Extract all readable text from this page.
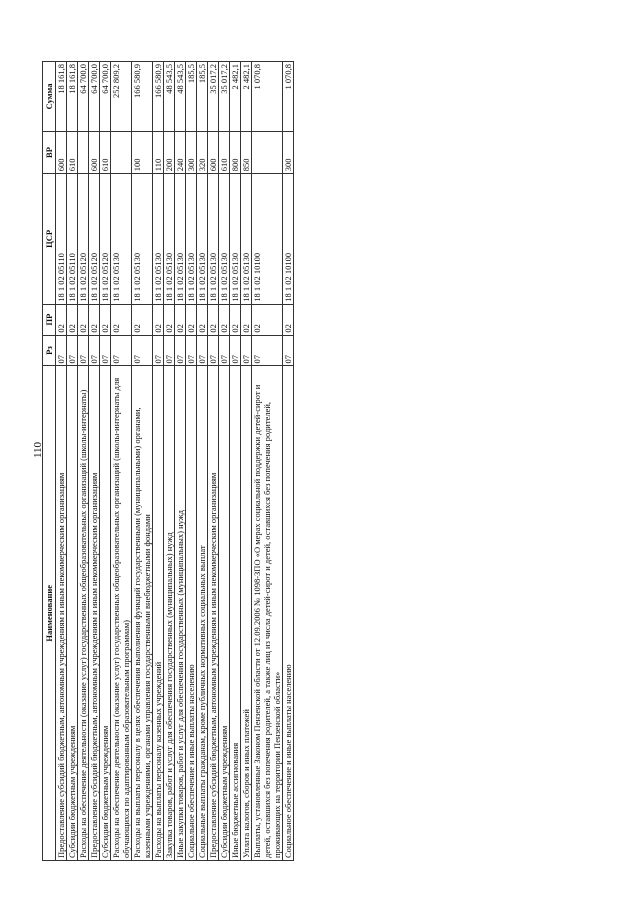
110
Наименование	Рз	ПР	ЦСР	ВР	Сумма
Предоставление субсидий бюджетным, автономным учреждениям и иным некоммерческим организациям	07	02	18 1 02 05110	600	18 161,8
Субсидии бюджетным учреждениям	07	02	18 1 02 05110	610	18 161,8
Расходы на обеспечение деятельности (оказание услуг) государственных общеобразовательных организаций (школы-интернаты)	07	02	18 1 02 05120		64 700,0
Предоставление субсидий бюджетным, автономным учреждениям и иным некоммерческим организациям	07	02	18 1 02 05120	600	64 700,0
Субсидии бюджетным учреждениям	07	02	18 1 02 05120	610	64 700,0
Расходы на обеспечение деятельности (оказание услуг) государственных общеобразовательных организаций (школы-интернаты для обучающихся по адаптированным образовательным программам)	07	02	18 1 02 05130		252 809,2
Расходы на выплаты персоналу в целях обеспечения выполнения функций государственными (муниципальными) органами, казенными учреждениями, органами управления государственными внебюджетными фондами	07	02	18 1 02 05130	100	166 580,9
Расходы на выплаты персоналу казенных учреждений	07	02	18 1 02 05130	110	166 580,9
Закупка товаров, работ и услуг для обеспечения государственных (муниципальных) нужд	07	02	18 1 02 05130	200	48 543,5
Иные закупки товаров, работ и услуг для обеспечения государственных (муниципальных) нужд	07	02	18 1 02 05130	240	48 543,5
Социальное обеспечение и иные выплаты населению	07	02	18 1 02 05130	300	185,5
Социальные выплаты гражданам, кроме публичных нормативных социальных выплат	07	02	18 1 02 05130	320	185,5
Предоставление субсидий бюджетным, автономным учреждениям и иным некоммерческим организациям	07	02	18 1 02 05130	600	35 017,2
Субсидии бюджетным учреждениям	07	02	18 1 02 05130	610	35 017,2
Иные бюджетные ассигнования	07	02	18 1 02 05130	800	2 482,1
Уплата налогов, сборов и иных платежей	07	02	18 1 02 05130	850	2 482,1
Выплаты, установленные Законом Пензенской области от 12.09.2006 № 1098-ЗПО «О мерах социальной поддержки детей-сирот и детей, оставшихся без попечения родителей, а также лиц из числа детей-сирот и детей, оставшихся без попечения родителей, проживающих на территории Пензенской области»	07	02	18 1 02 10100		1 070,8
Социальное обеспечение и иные выплаты населению	07	02	18 1 02 10100	300	1 070,8
